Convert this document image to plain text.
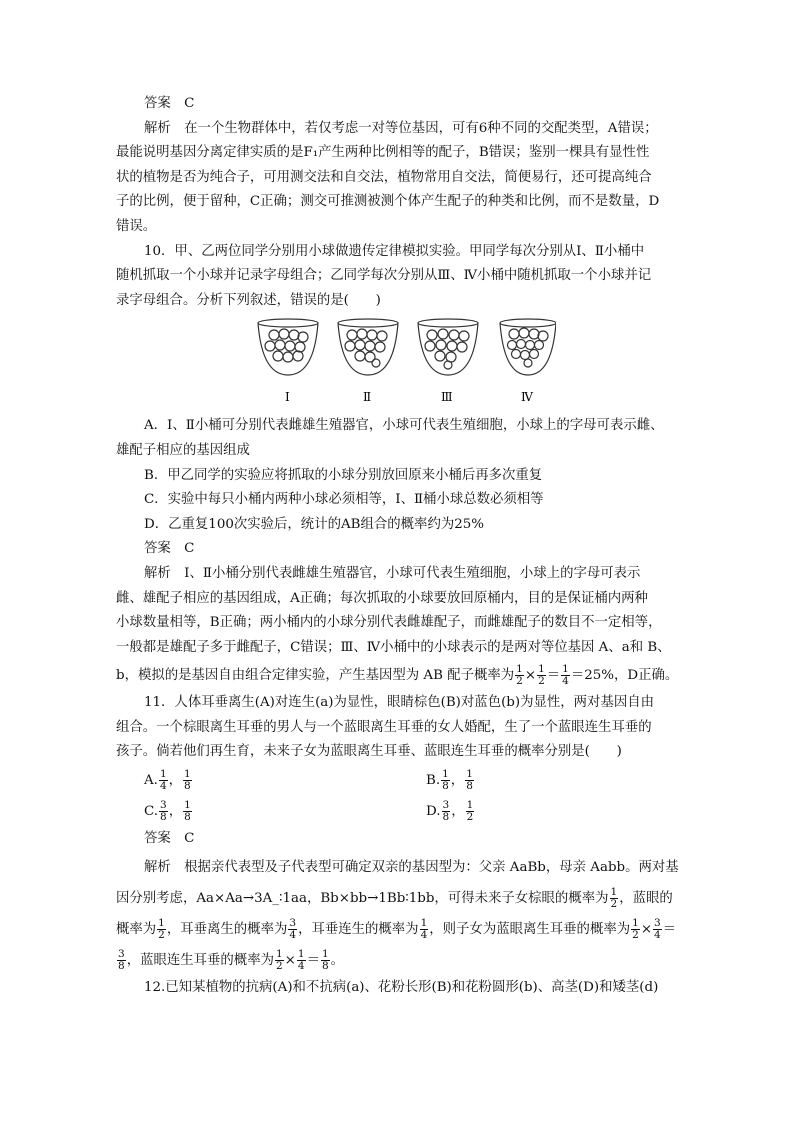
答案　C
解析　在一个生物群体中，若仅考虑一对等位基因，可有6种不同的交配类型，A错误；
最能说明基因分离定律实质的是F₁产生两种比例相等的配子，B错误；鉴别一棵具有显性性
状的植物是否为纯合子，可用测交法和自交法，植物常用自交法，简便易行，还可提高纯合
子的比例，便于留种，C正确；测交可推测被测个体产生配子的种类和比例，而不是数量，D
错误。
10．甲、乙两位同学分别用小球做遗传定律模拟实验。甲同学每次分别从Ⅰ、Ⅱ小桶中
随机抓取一个小球并记录字母组合；乙同学每次分别从Ⅲ、Ⅳ小桶中随机抓取一个小球并记
录字母组合。分析下列叙述，错误的是(　　)
Ⅰ	Ⅱ	Ⅲ	Ⅳ
A．Ⅰ、Ⅱ小桶可分别代表雌雄生殖器官，小球可代表生殖细胞，小球上的字母可表示雌、
雄配子相应的基因组成
B．甲乙同学的实验应将抓取的小球分别放回原来小桶后再多次重复
C．实验中每只小桶内两种小球必须相等，Ⅰ、Ⅱ桶小球总数必须相等
D．乙重复100次实验后，统计的AB组合的概率约为25%
答案　C
解析　Ⅰ、Ⅱ小桶分别代表雌雄生殖器官，小球可代表生殖细胞，小球上的字母可表示
雌、雄配子相应的基因组成，A正确；每次抓取的小球要放回原桶内，目的是保证桶内两种
小球数量相等，B正确；两小桶内的小球分别代表雌雄配子，而雌雄配子的数目不一定相等，
一般都是雄配子多于雌配子，C错误；Ⅲ、Ⅳ小桶中的小球表示的是两对等位基因 A、a和 B、
b，模拟的是基因自由组合定律实验，产生基因型为 AB 配子概率为 $\frac{1}{2} \times \frac{1}{2} = \frac{1}{4} =25\%$，D正确。
11．人体耳垂离生(A)对连生(a)为显性，眼睛棕色(B)对蓝色(b)为显性，两对基因自由
组合。一个棕眼离生耳垂的男人与一个蓝眼离生耳垂的女人婚配，生了一个蓝眼连生耳垂的
孩子。倘若他们再生育，未来子女为蓝眼离生耳垂、蓝眼连生耳垂的概率分别是(　　)
A. $\frac{1}{4}$ ， $\frac{1}{8}$	B. $\frac{1}{8}$ ， $\frac{1}{8}$
C. $\frac{3}{8}$ ， $\frac{1}{8}$	D. $\frac{3}{8}$ ， $\frac{1}{2}$
答案　C
解析　根据亲代表型及子代表型可确定双亲的基因型为：父亲 AaBb，母亲 Aabb。两对基
因分别考虑，Aa×Aa→3A_∶1aa，Bb×bb→1Bb∶1bb，可得未来子女棕眼的概率为 $\frac{1}{2}$ ，蓝眼的
概率为 $\frac{1}{2}$ ，耳垂离生的概率为 $\frac{3}{4}$ ，耳垂连生的概率为 $\frac{1}{4}$ ，则子女为蓝眼离生耳垂的概率为 $\frac{1}{2} \times \frac{3}{4}$ ＝
$\frac{3}{8}$ ，蓝眼连生耳垂的概率为 $\frac{1}{2} \times \frac{1}{4} = \frac{1}{8}$ 。
12.已知某植物的抗病(A)和不抗病(a)、花粉长形(B)和花粉圆形(b)、高茎(D)和矮茎(d)
